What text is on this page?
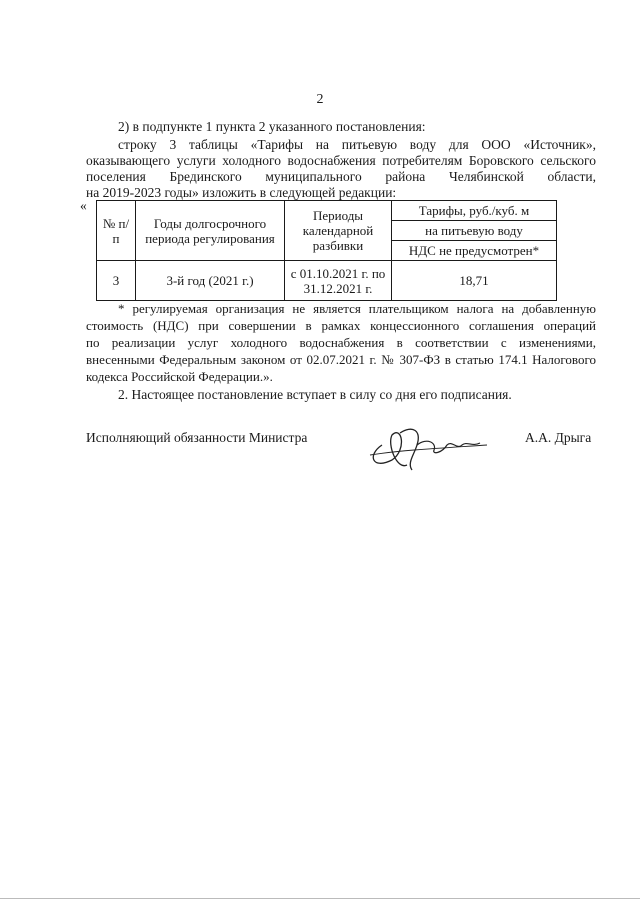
2
2) в подпункте 1 пункта 2 указанного постановления:
строку 3 таблицы «Тарифы на питьевую воду для ООО «Источник»,
оказывающего услуги холодного водоснабжения потребителям Боровского сельского
поселения Брединского муниципального района Челябинской области,
на 2019-2023 годы» изложить в следующей редакции:
«
№ п/п	Годы долгосрочного периода регулирования	Периоды календарной разбивки	Тарифы, руб./куб. м
			на питьевую воду
			НДС не предусмотрен*
3	3-й год (2021 г.)	с 01.10.2021 г. по 31.12.2021 г.	18,71
* регулируемая организация не является плательщиком налога на добавленную
стоимость (НДС) при совершении в рамках концессионного соглашения операций
по реализации услуг холодного водоснабжения в соответствии с изменениями,
внесенными Федеральным законом от 02.07.2021 г. № 307-ФЗ в статью 174.1 Налогового
кодекса Российской Федерации.».
2. Настоящее постановление вступает в силу со дня его подписания.
Исполняющий обязанности Министра	А.А. Дрыга
